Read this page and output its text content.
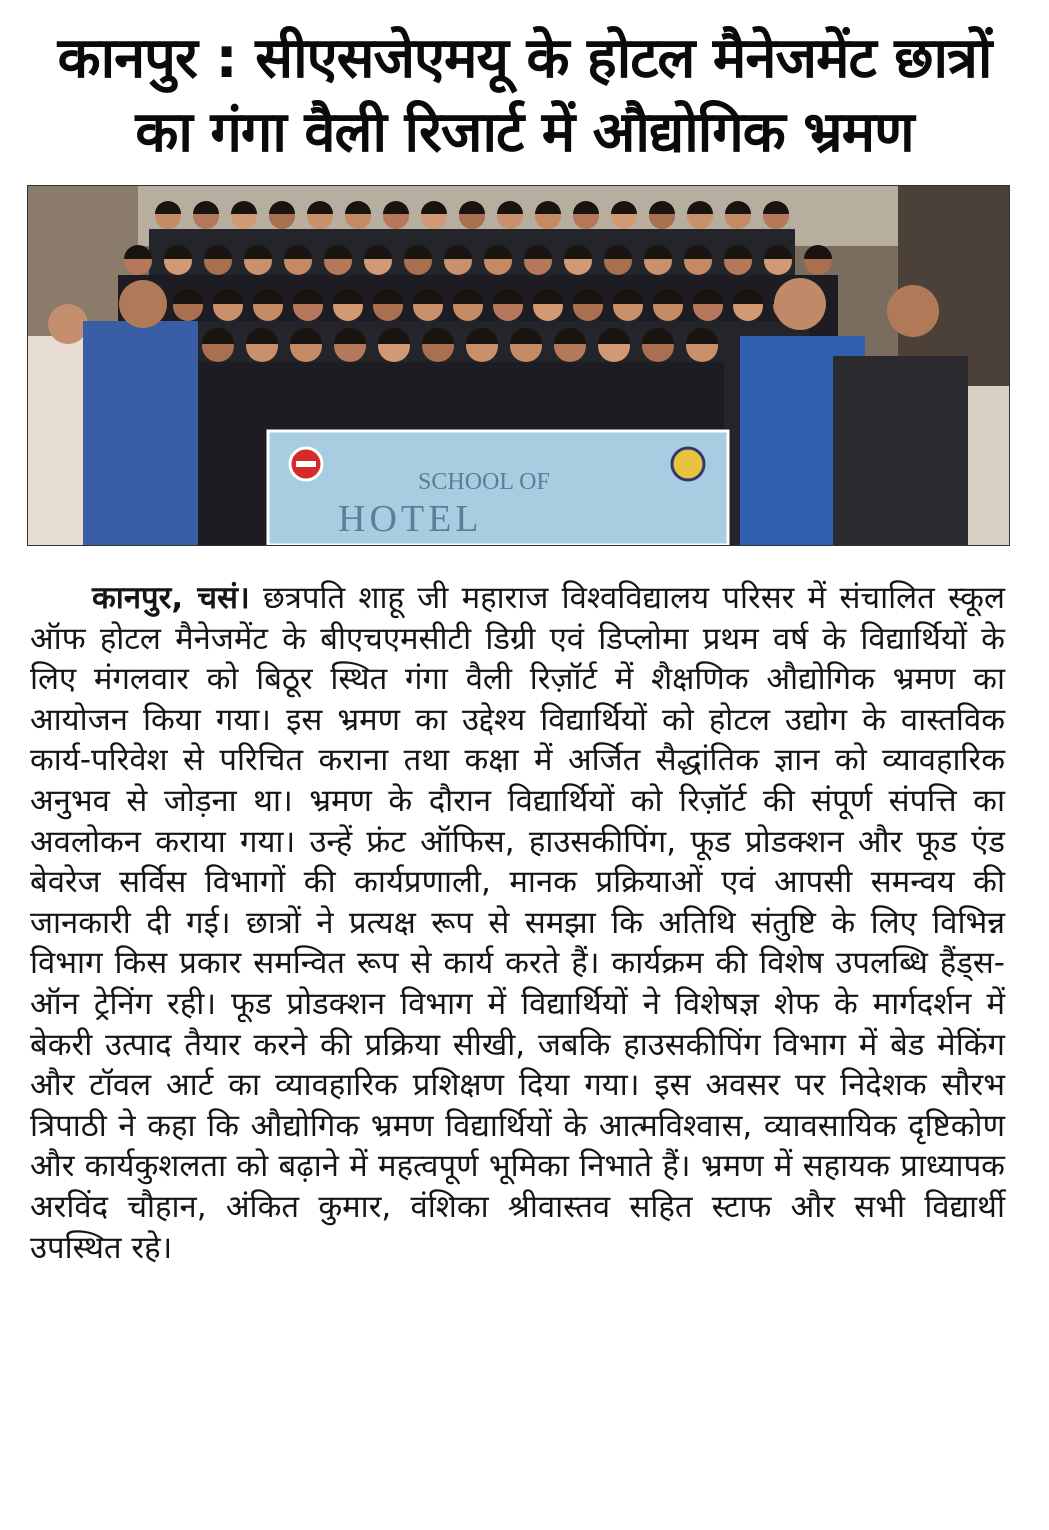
कानपुर : सीएसजेएमयू के होटल मैनेजमेंट छात्रों
का गंगा वैली रिजार्ट में औद्योगिक भ्रमण
SCHOOL OF
HOTEL
कानपुर, चसं। छत्रपति शाहू जी महाराज विश्वविद्यालय परिसर में संचालित स्कूल ऑफ होटल मैनेजमेंट के बीएचएमसीटी डिग्री एवं डिप्लोमा प्रथम वर्ष के विद्यार्थियों के लिए मंगलवार को बिठूर स्थित गंगा वैली रिज़ॉर्ट में शैक्षणिक औद्योगिक भ्रमण का आयोजन किया गया। इस भ्रमण का उद्देश्य विद्यार्थियों को होटल उद्योग के वास्तविक कार्य-परिवेश से परिचित कराना तथा कक्षा में अर्जित सैद्धांतिक ज्ञान को व्यावहारिक अनुभव से जोड़ना था। भ्रमण के दौरान विद्यार्थियों को रिज़ॉर्ट की संपूर्ण संपत्ति का अवलोकन कराया गया। उन्हें फ्रंट ऑफिस, हाउसकीपिंग, फूड प्रोडक्शन और फूड एंड बेवरेज सर्विस विभागों की कार्यप्रणाली, मानक प्रक्रियाओं एवं आपसी समन्वय की जानकारी दी गई। छात्रों ने प्रत्यक्ष रूप से समझा कि अतिथि संतुष्टि के लिए विभिन्न विभाग किस प्रकार समन्वित रूप से कार्य करते हैं। कार्यक्रम की विशेष उपलब्धि हैंड्स-ऑन ट्रेनिंग रही। फूड प्रोडक्शन विभाग में विद्यार्थियों ने विशेषज्ञ शेफ के मार्गदर्शन में बेकरी उत्पाद तैयार करने की प्रक्रिया सीखी, जबकि हाउसकीपिंग विभाग में बेड मेकिंग और टॉवल आर्ट का व्यावहारिक प्रशिक्षण दिया गया। इस अवसर पर निदेशक सौरभ त्रिपाठी ने कहा कि औद्योगिक भ्रमण विद्यार्थियों के आत्मविश्वास, व्यावसायिक दृष्टिकोण और कार्यकुशलता को बढ़ाने में महत्वपूर्ण भूमिका निभाते हैं। भ्रमण में सहायक प्राध्यापक अरविंद चौहान, अंकित कुमार, वंशिका श्रीवास्तव सहित स्टाफ और सभी विद्यार्थी उपस्थित रहे।
